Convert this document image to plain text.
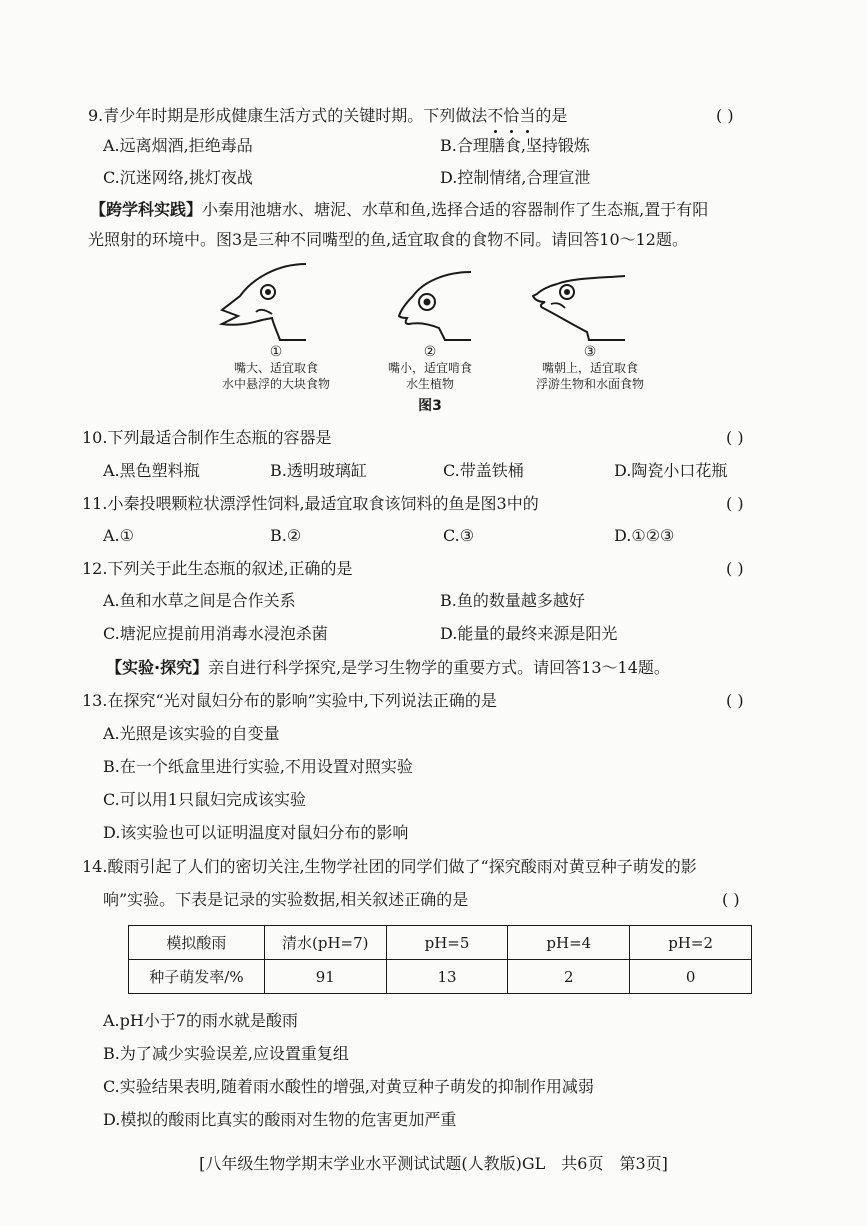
9.青少年时期是形成健康生活方式的关键时期。下列做法不恰当的是	( )
A.远离烟酒,拒绝毒品	B.合理膳食,坚持锻炼
C.沉迷网络,挑灯夜战	D.控制情绪,合理宣泄
【跨学科实践】小秦用池塘水、塘泥、水草和鱼,选择合适的容器制作了生态瓶,置于有阳
光照射的环境中。图3是三种不同嘴型的鱼,适宜取食的食物不同。请回答10～12题。
①
嘴大、适宜取食
水中悬浮的大块食物
②
嘴小，适宜啃食
水生植物
③
嘴朝上，适宜取食
浮游生物和水面食物
图3
10.下列最适合制作生态瓶的容器是	( )
A.黑色塑料瓶	B.透明玻璃缸	C.带盖铁桶	D.陶瓷小口花瓶
11.小秦投喂颗粒状漂浮性饲料,最适宜取食该饲料的鱼是图3中的	( )
A.①	B.②	C.③	D.①②③
12.下列关于此生态瓶的叙述,正确的是	( )
A.鱼和水草之间是合作关系	B.鱼的数量越多越好
C.塘泥应提前用消毒水浸泡杀菌	D.能量的最终来源是阳光
【实验·探究】亲自进行科学探究,是学习生物学的重要方式。请回答13～14题。
13.在探究“光对鼠妇分布的影响”实验中,下列说法正确的是	( )
A.光照是该实验的自变量
B.在一个纸盒里进行实验,不用设置对照实验
C.可以用1只鼠妇完成该实验
D.该实验也可以证明温度对鼠妇分布的影响
14.酸雨引起了人们的密切关注,生物学社团的同学们做了“探究酸雨对黄豆种子萌发的影
响”实验。下表是记录的实验数据,相关叙述正确的是	( )
模拟酸雨	清水(pH=7)	pH=5	pH=4	pH=2
种子萌发率/%	91	13	2	0
A.pH小于7的雨水就是酸雨
B.为了减少实验误差,应设置重复组
C.实验结果表明,随着雨水酸性的增强,对黄豆种子萌发的抑制作用减弱
D.模拟的酸雨比真实的酸雨对生物的危害更加严重
[八年级生物学期末学业水平测试试题(人教版)GL　共6页　第3页]
